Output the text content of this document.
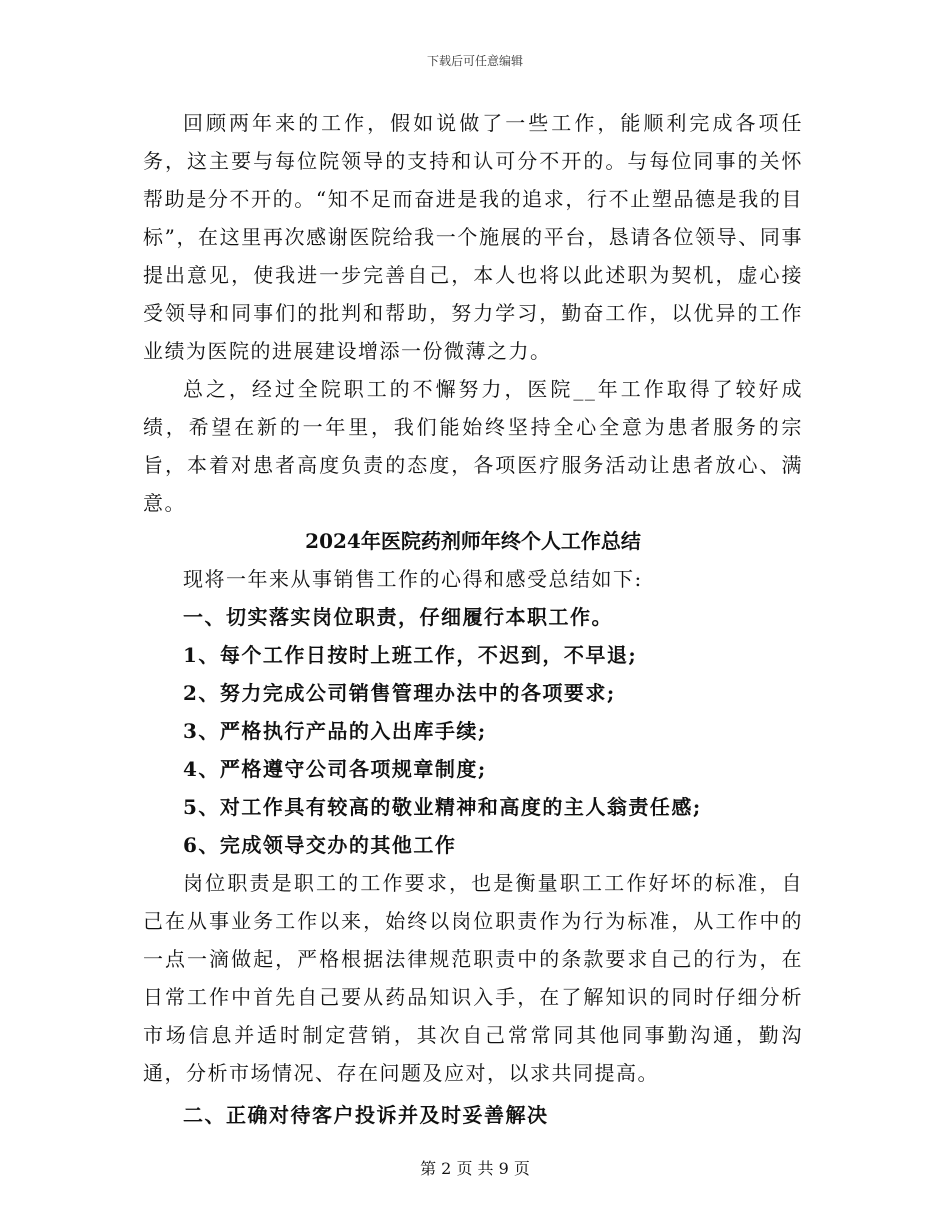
下载后可任意编辑

回顾两年来的工作，假如说做了一些工作，能顺利完成各项任务，这主要与每位院领导的支持和认可分不开的。与每位同事的关怀帮助是分不开的。“知不足而奋进是我的追求，行不止塑品德是我的目标”，在这里再次感谢医院给我一个施展的平台，恳请各位领导、同事提出意见，使我进一步完善自己，本人也将以此述职为契机，虚心接受领导和同事们的批判和帮助，努力学习，勤奋工作，以优异的工作业绩为医院的进展建设增添一份微薄之力。

总之，经过全院职工的不懈努力，医院__年工作取得了较好成绩，希望在新的一年里，我们能始终坚持全心全意为患者服务的宗旨，本着对患者高度负责的态度，各项医疗服务活动让患者放心、满意。

2024年医院药剂师年终个人工作总结

现将一年来从事销售工作的心得和感受总结如下:

一、切实落实岗位职责，仔细履行本职工作。

1、每个工作日按时上班工作，不迟到，不早退;

2、努力完成公司销售管理办法中的各项要求;

3、严格执行产品的入出库手续;

4、严格遵守公司各项规章制度;

5、对工作具有较高的敬业精神和高度的主人翁责任感;

6、完成领导交办的其他工作

岗位职责是职工的工作要求，也是衡量职工工作好坏的标准，自己在从事业务工作以来，始终以岗位职责作为行为标准，从工作中的一点一滴做起，严格根据法律规范职责中的条款要求自己的行为，在日常工作中首先自己要从药品知识入手，在了解知识的同时仔细分析市场信息并适时制定营销，其次自己常常同其他同事勤沟通，勤沟通，分析市场情况、存在问题及应对，以求共同提高。

二、正确对待客户投诉并及时妥善解决

第 2 页 共 9 页
